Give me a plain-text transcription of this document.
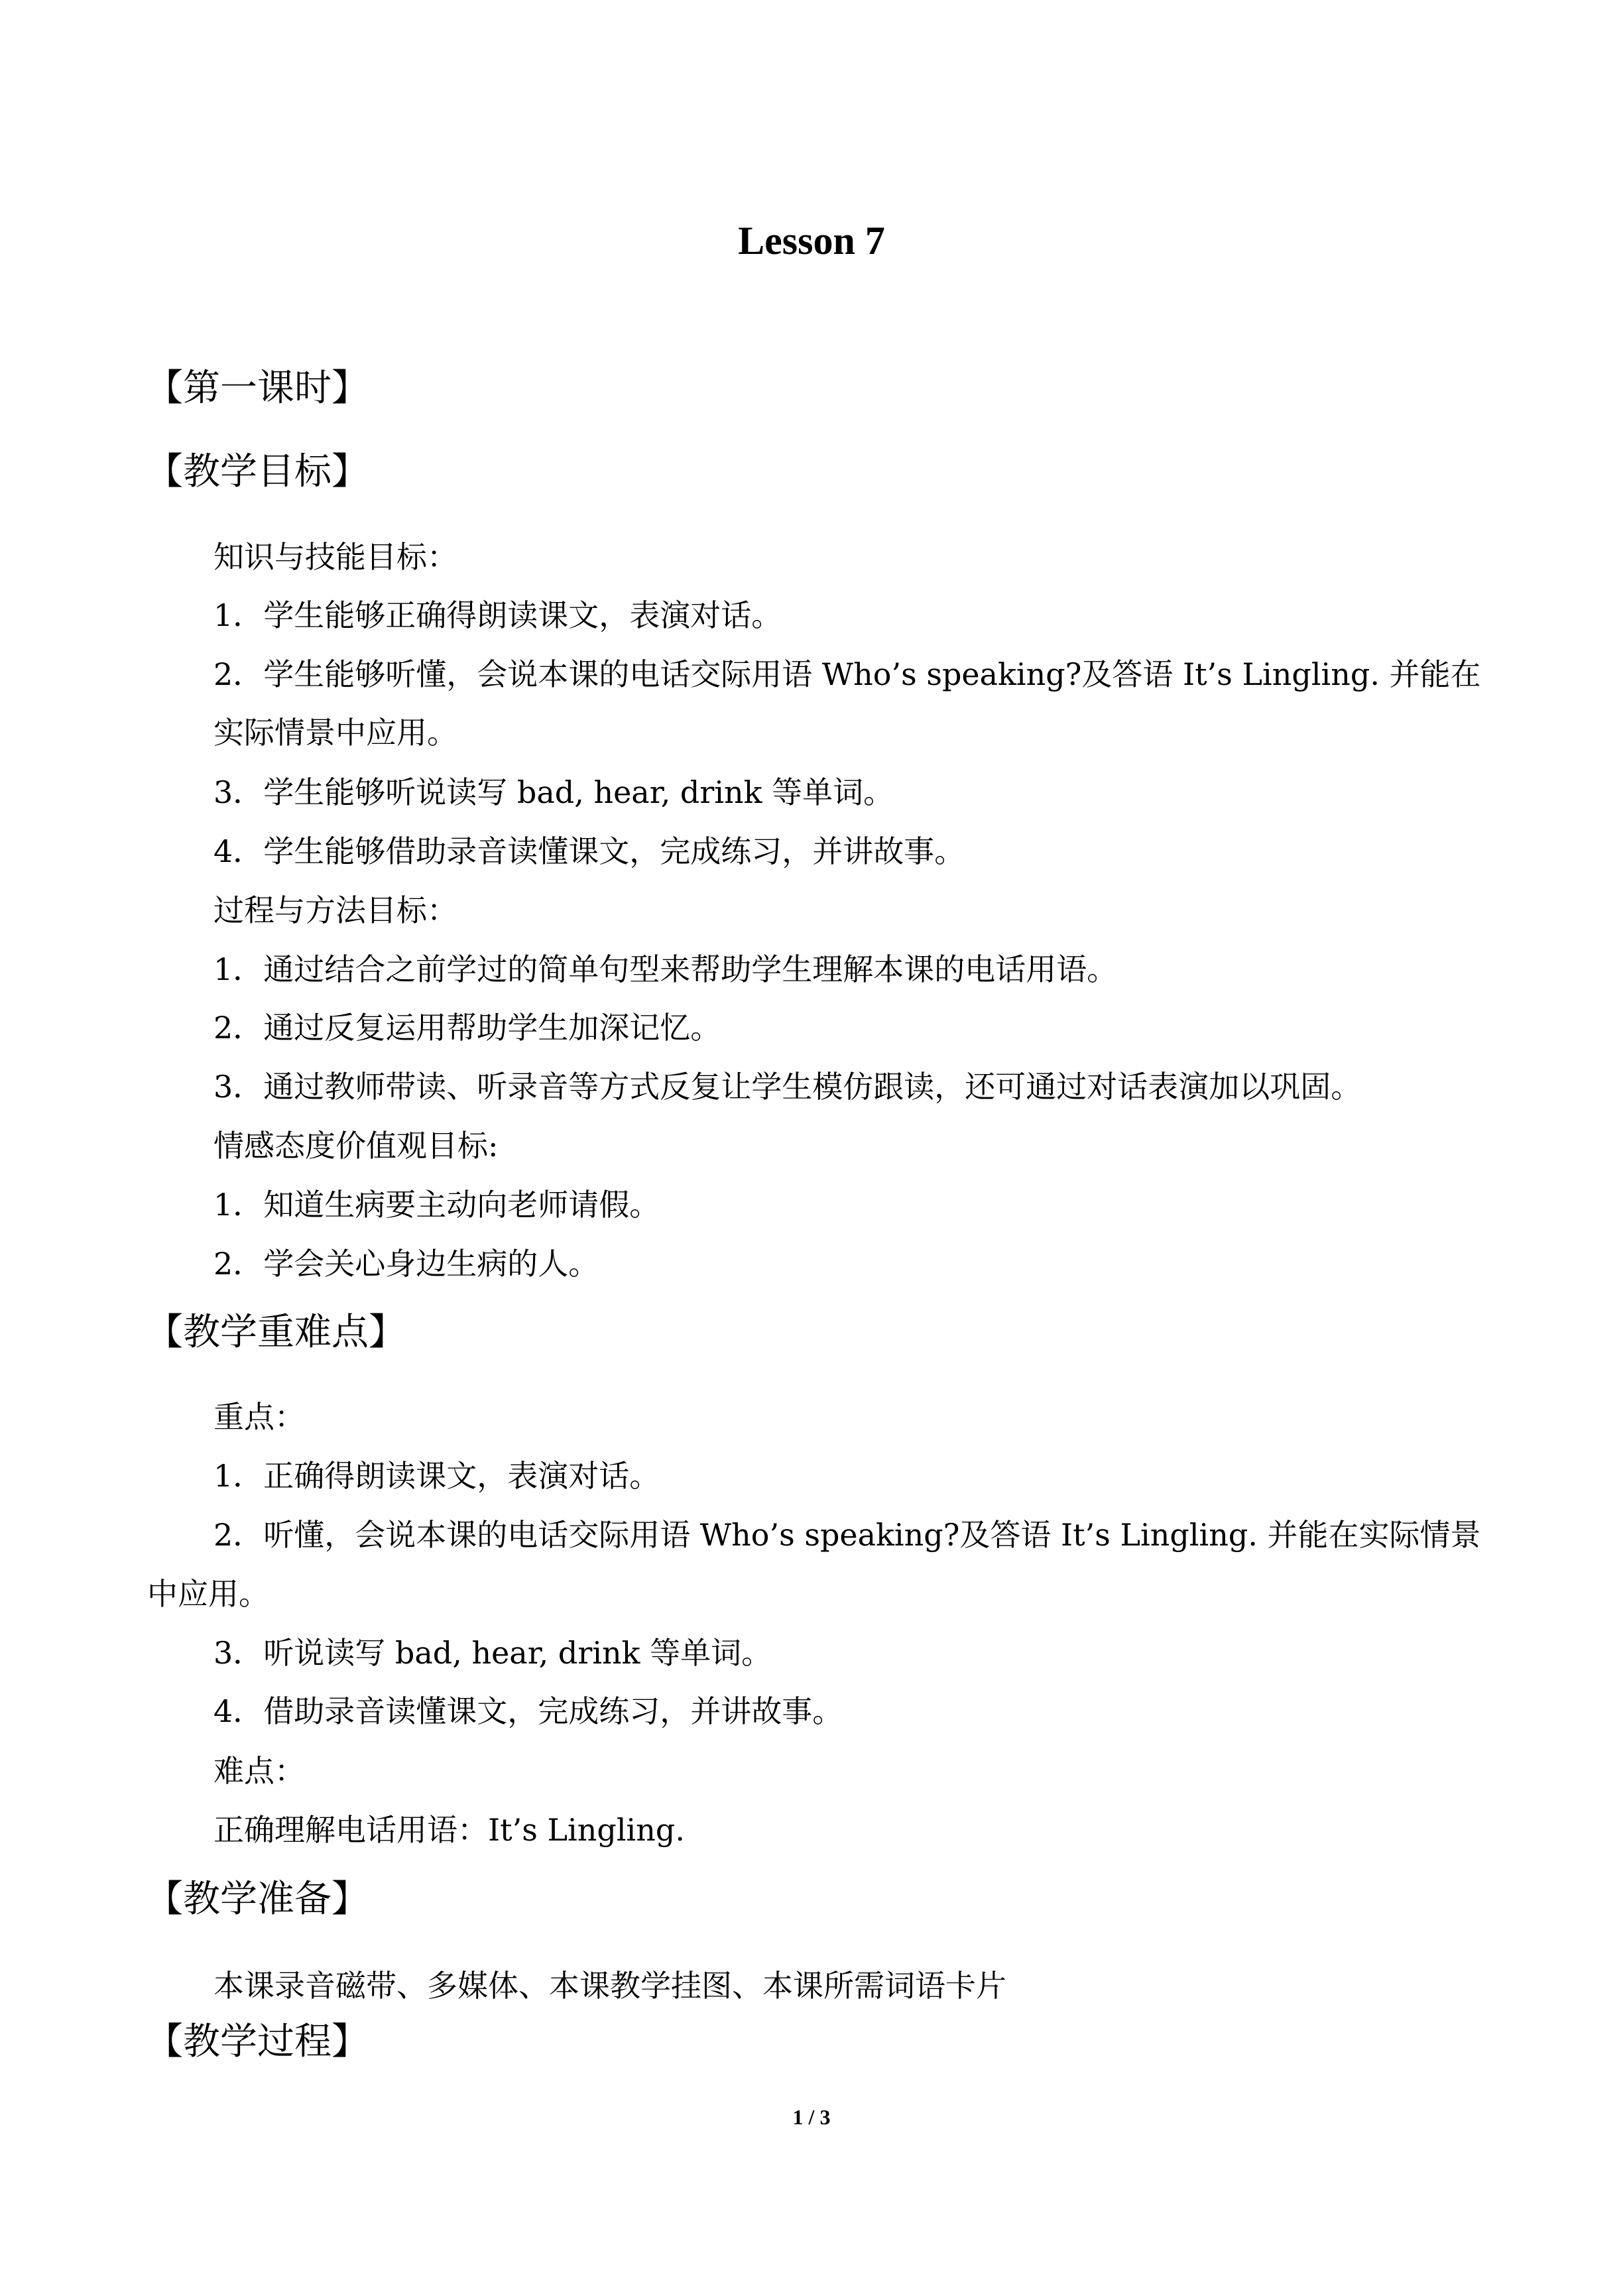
Lesson 7
【第一课时】
【教学目标】
知识与技能目标：
1．学生能够正确得朗读课文，表演对话。
2．学生能够听懂，会说本课的电话交际用语 Who’s speaking?及答语 It’s Lingling. 并能在
实际情景中应用。
3．学生能够听说读写 bad, hear, drink 等单词。
4．学生能够借助录音读懂课文，完成练习，并讲故事。
过程与方法目标：
1．通过结合之前学过的简单句型来帮助学生理解本课的电话用语。
2．通过反复运用帮助学生加深记忆。
3．通过教师带读、听录音等方式反复让学生模仿跟读，还可通过对话表演加以巩固。
情感态度价值观目标:
1．知道生病要主动向老师请假。
2．学会关心身边生病的人。
【教学重难点】
重点：
1．正确得朗读课文，表演对话。
2．听懂，会说本课的电话交际用语 Who’s speaking?及答语 It’s Lingling. 并能在实际情景
中应用。
3．听说读写 bad, hear, drink 等单词。
4．借助录音读懂课文，完成练习，并讲故事。
难点：
正确理解电话用语：It’s Lingling.
【教学准备】
本课录音磁带、多媒体、本课教学挂图、本课所需词语卡片
【教学过程】
1 / 3
